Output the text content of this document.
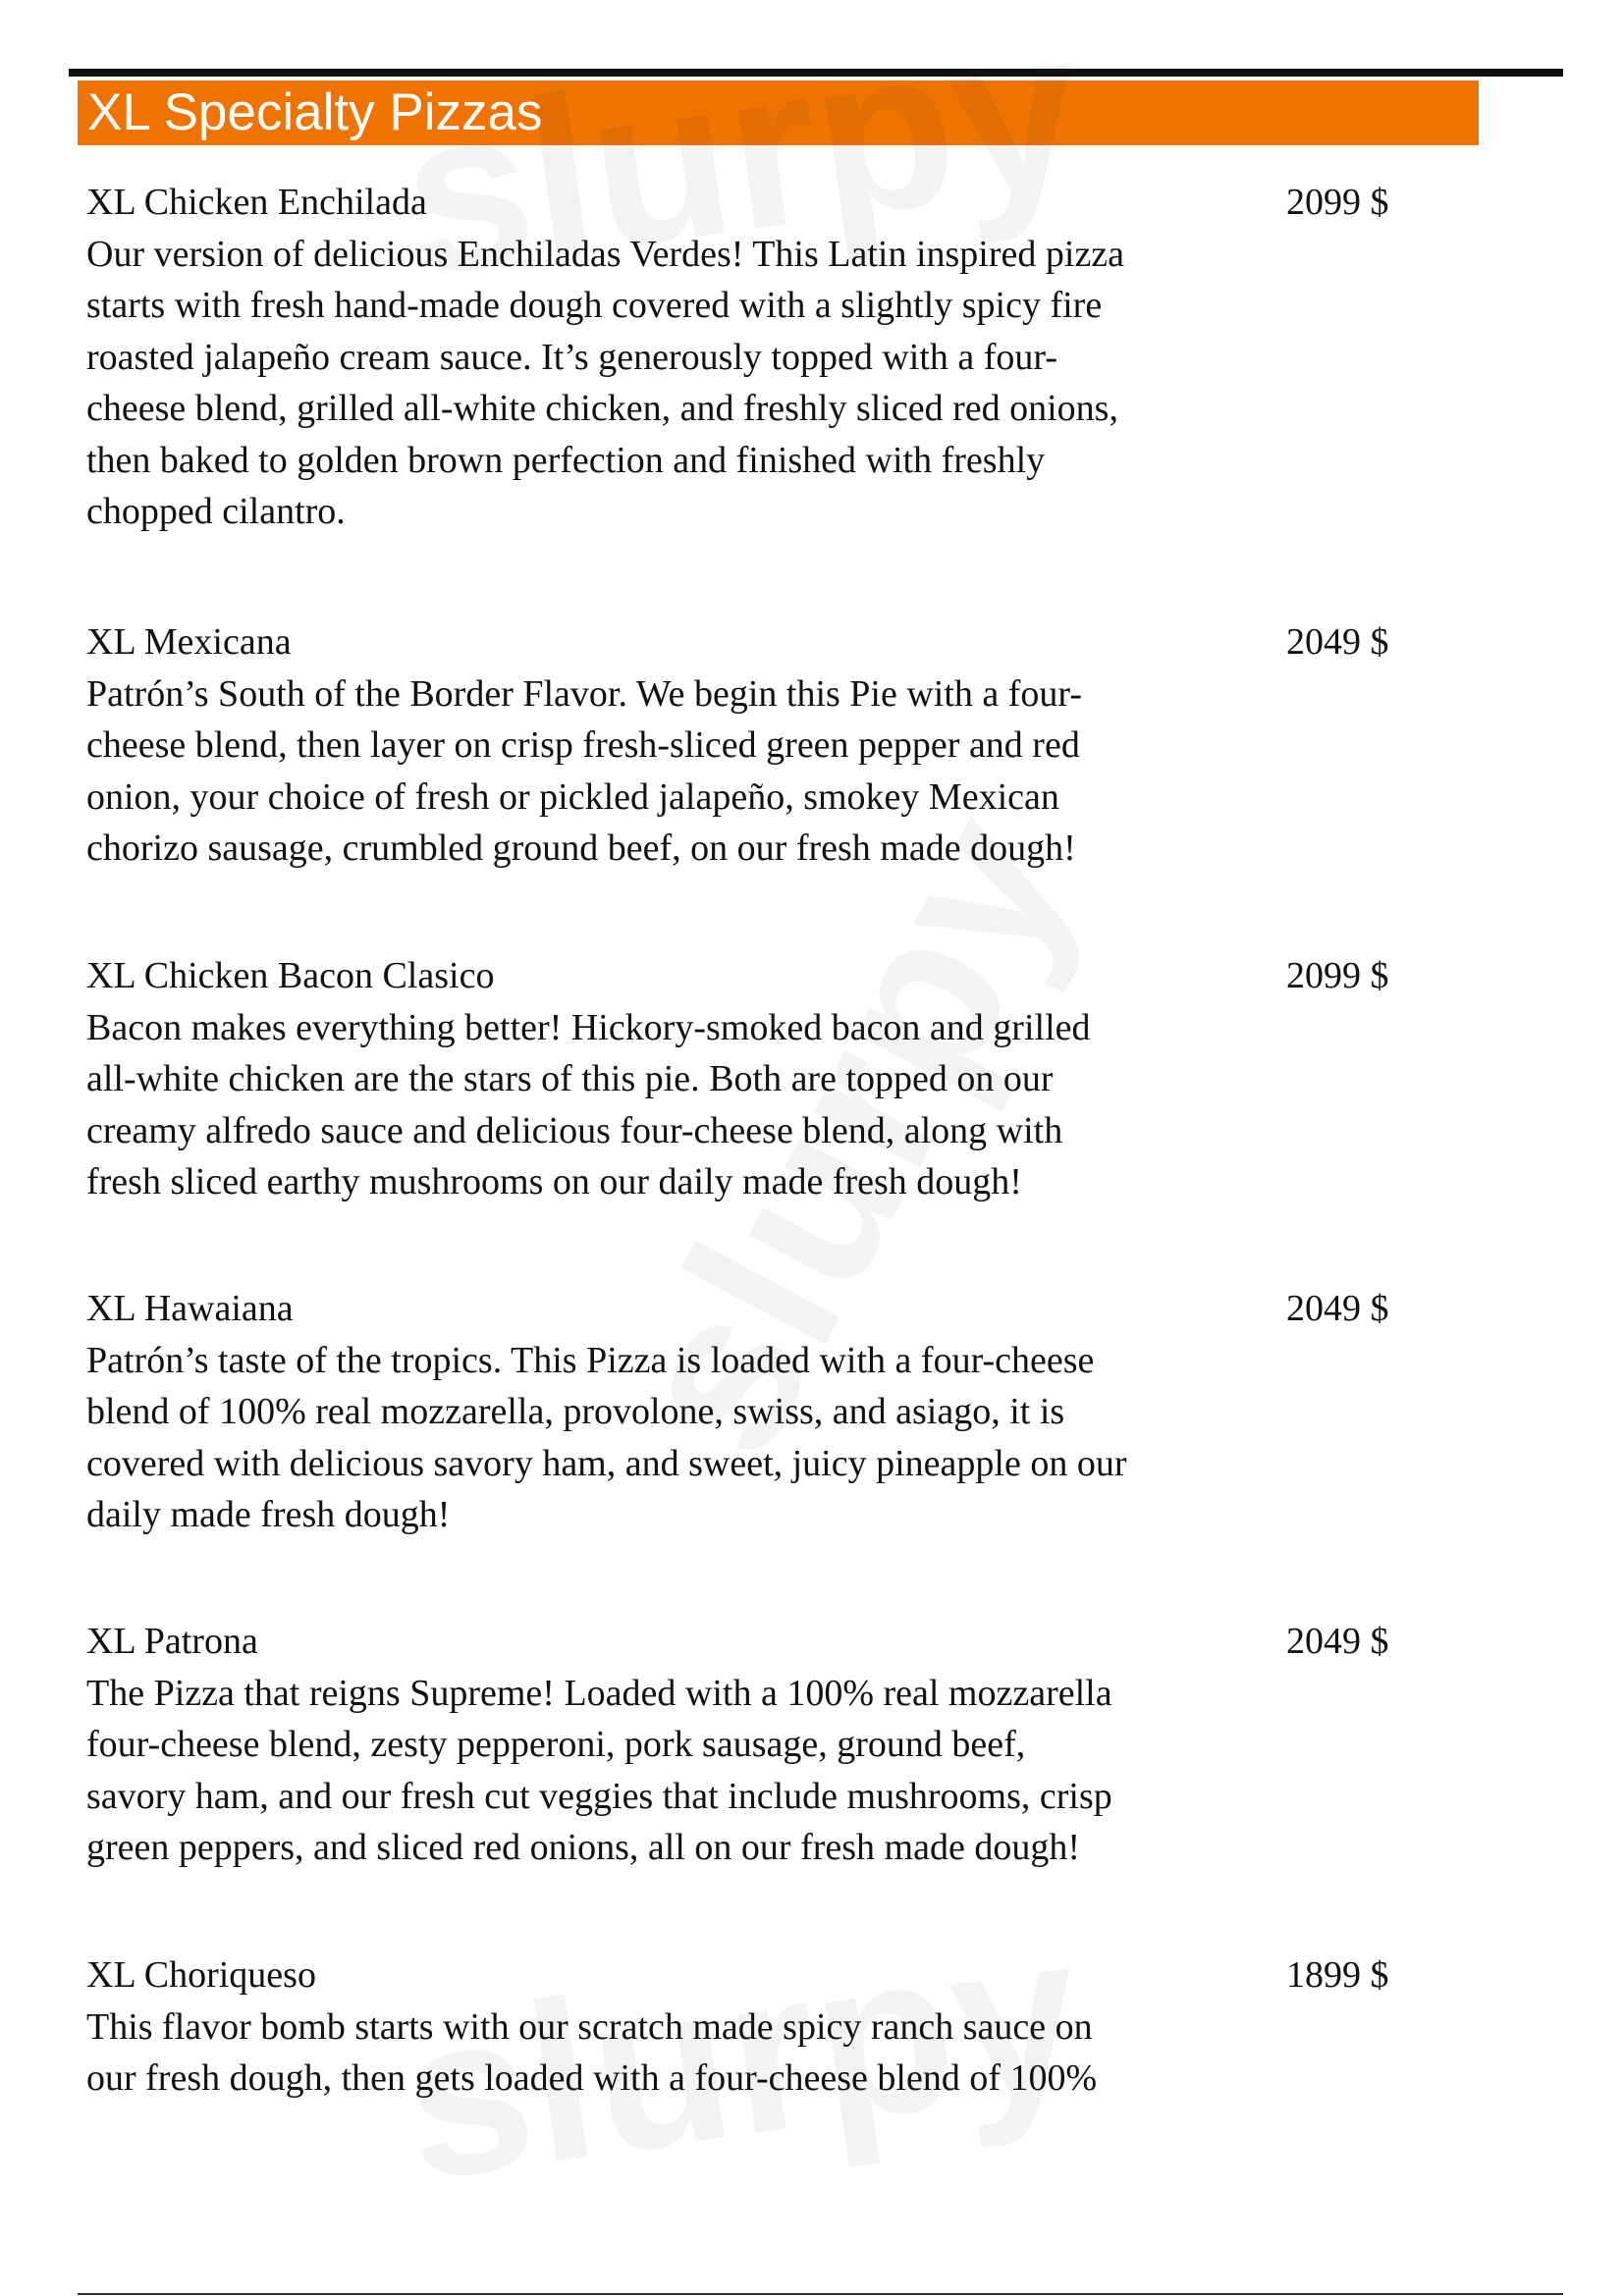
XL Specialty Pizzas
XL Chicken Enchilada	2099 $
Our version of delicious Enchiladas Verdes! This Latin inspired pizza
starts with fresh hand-made dough covered with a slightly spicy fire
roasted jalapeño cream sauce. It’s generously topped with a four-
cheese blend, grilled all-white chicken, and freshly sliced red onions,
then baked to golden brown perfection and finished with freshly
chopped cilantro.
XL Mexicana	2049 $
Patrón’s South of the Border Flavor. We begin this Pie with a four-
cheese blend, then layer on crisp fresh-sliced green pepper and red
onion, your choice of fresh or pickled jalapeño, smokey Mexican
chorizo sausage, crumbled ground beef, on our fresh made dough!
XL Chicken Bacon Clasico	2099 $
Bacon makes everything better! Hickory-smoked bacon and grilled
all-white chicken are the stars of this pie. Both are topped on our
creamy alfredo sauce and delicious four-cheese blend, along with
fresh sliced earthy mushrooms on our daily made fresh dough!
XL Hawaiana	2049 $
Patrón’s taste of the tropics. This Pizza is loaded with a four-cheese
blend of 100% real mozzarella, provolone, swiss, and asiago, it is
covered with delicious savory ham, and sweet, juicy pineapple on our
daily made fresh dough!
XL Patrona	2049 $
The Pizza that reigns Supreme! Loaded with a 100% real mozzarella
four-cheese blend, zesty pepperoni, pork sausage, ground beef,
savory ham, and our fresh cut veggies that include mushrooms, crisp
green peppers, and sliced red onions, all on our fresh made dough!
XL Choriqueso	1899 $
This flavor bomb starts with our scratch made spicy ranch sauce on
our fresh dough, then gets loaded with a four-cheese blend of 100%
